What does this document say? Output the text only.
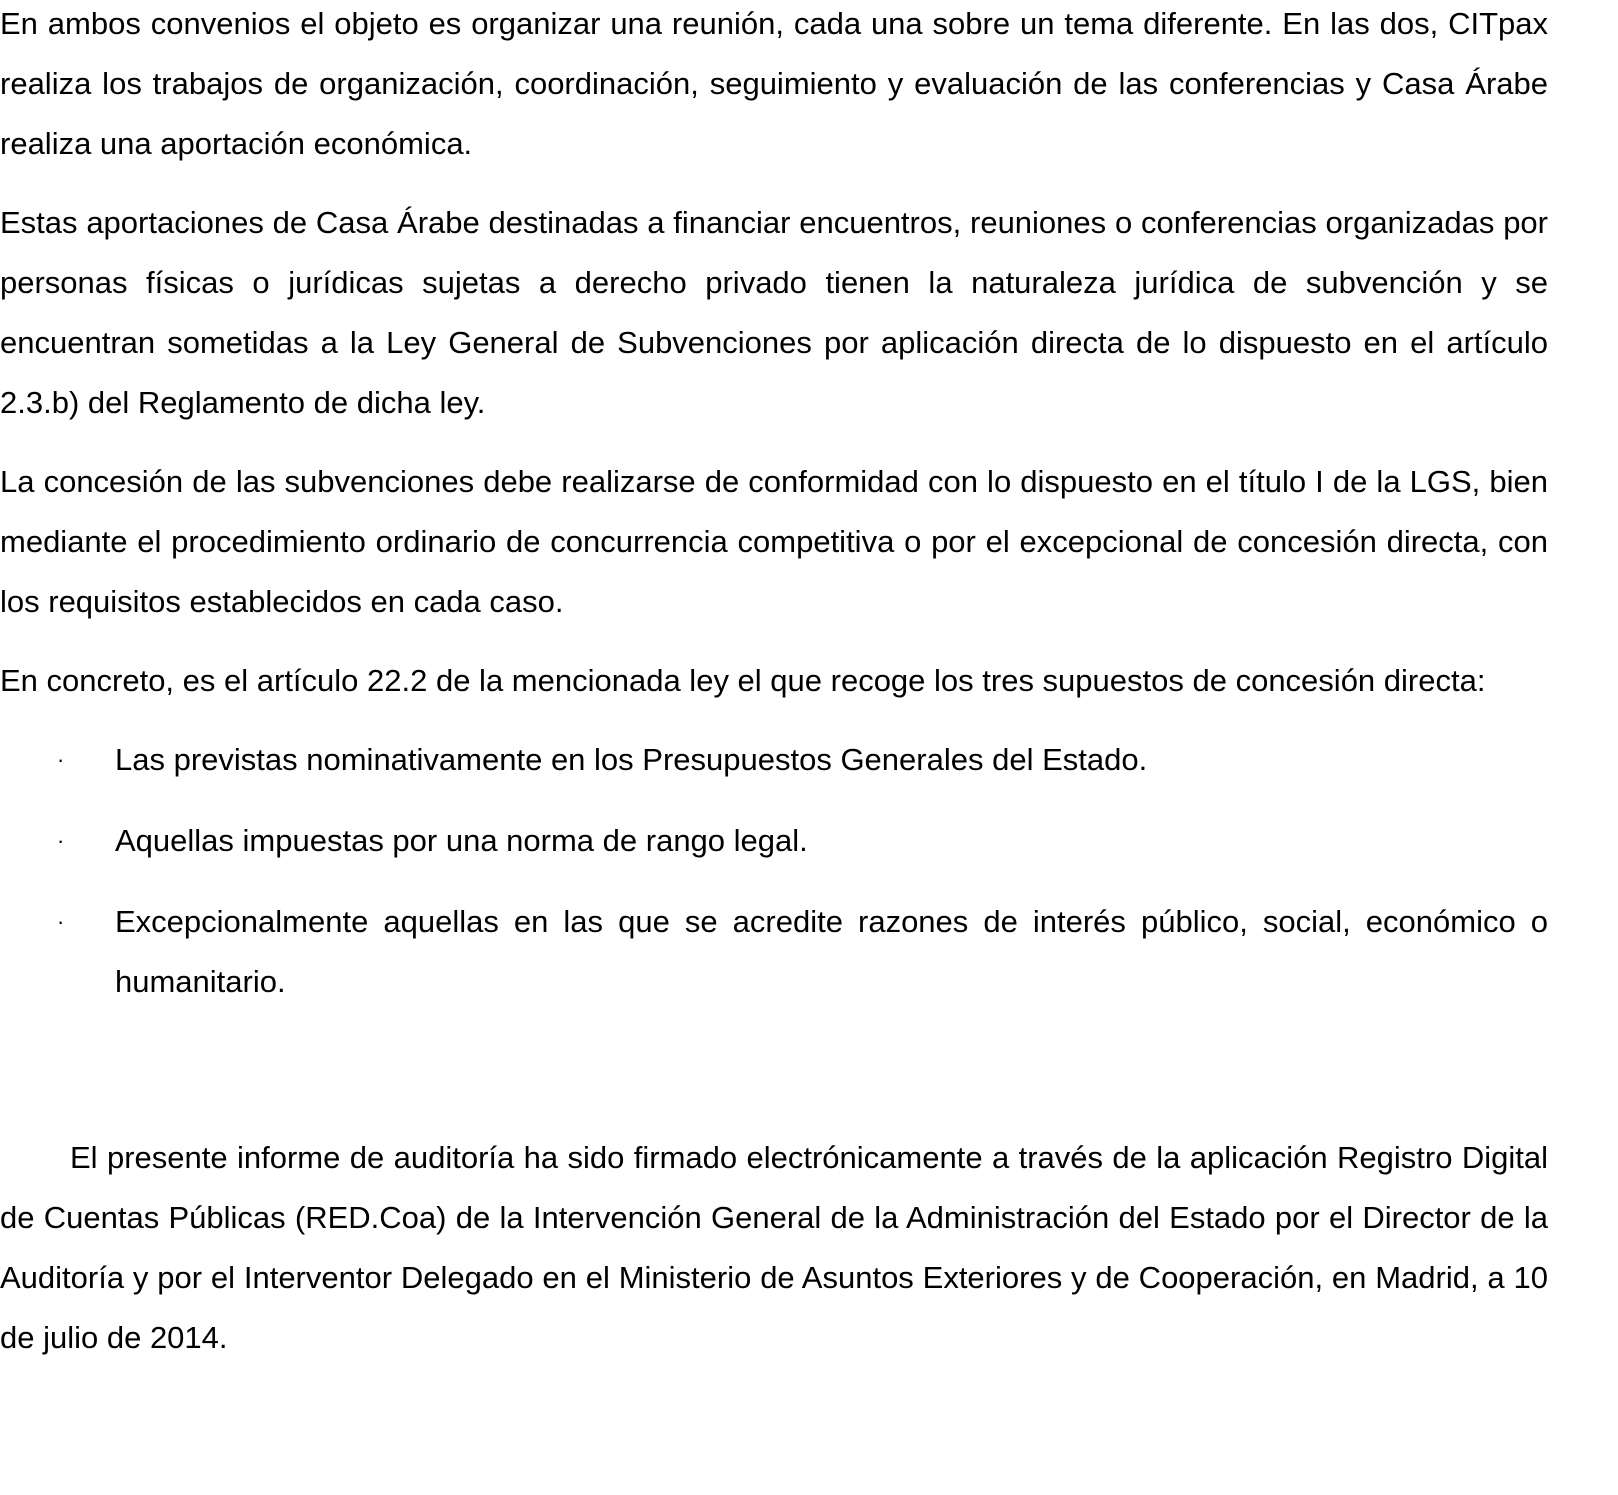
En ambos convenios el objeto es organizar una reunión, cada una sobre un tema diferente. En las dos, CITpax realiza los trabajos de organización, coordinación, seguimiento y evaluación de las conferencias y Casa Árabe realiza una aportación económica.

Estas aportaciones de Casa Árabe destinadas a financiar encuentros, reuniones o conferencias organizadas por personas físicas o jurídicas sujetas a derecho privado tienen la naturaleza jurídica de subvención y se encuentran sometidas a la Ley General de Subvenciones por aplicación directa de lo dispuesto en el artículo 2.3.b) del Reglamento de dicha ley.

La concesión de las subvenciones debe realizarse de conformidad con lo dispuesto en el título I de la LGS, bien mediante el procedimiento ordinario de concurrencia competitiva o por el excepcional de concesión directa, con los requisitos establecidos en cada caso.

En concreto, es el artículo 22.2 de la mencionada ley el que recoge los tres supuestos de concesión directa:

· Las previstas nominativamente en los Presupuestos Generales del Estado.
· Aquellas impuestas por una norma de rango legal.
· Excepcionalmente aquellas en las que se acredite razones de interés público, social, económico o humanitario.

El presente informe de auditoría ha sido firmado electrónicamente a través de la aplicación Registro Digital de Cuentas Públicas (RED.Coa) de la Intervención General de la Administración del Estado por el Director de la Auditoría y por el Interventor Delegado en el Ministerio de Asuntos Exteriores y de Cooperación, en Madrid, a 10 de julio de 2014.
